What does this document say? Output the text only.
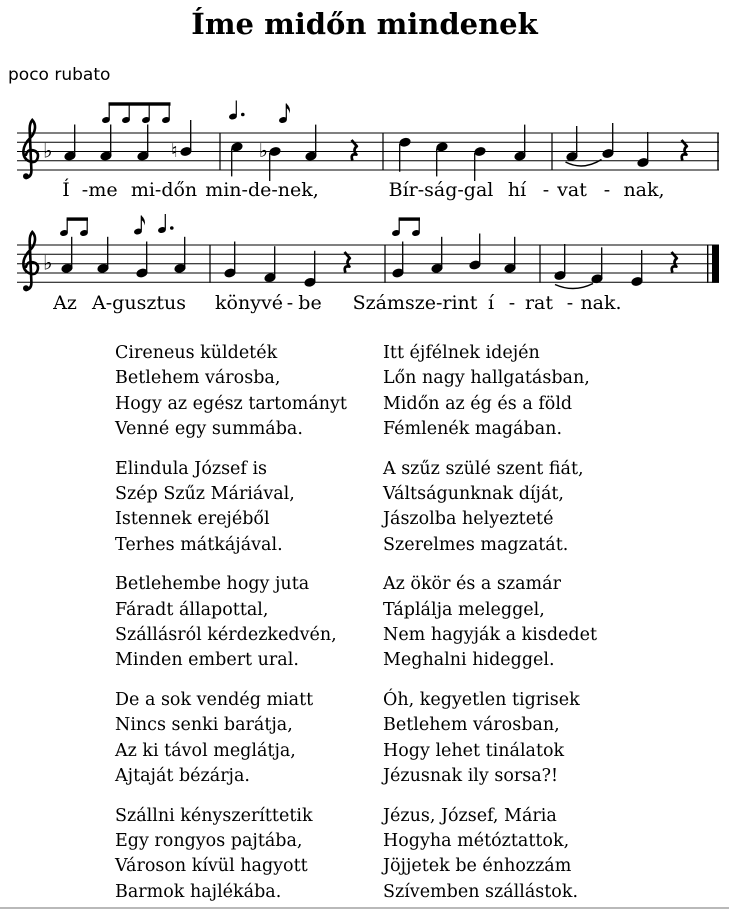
Íme midőn mindenek
poco rubato
♭	♮	♭
Í - me mi-dőn min-de-nek,	Bír-ság-gal hí - vat - nak,
♭
Az A-gusztus könyvé - be Számsze-rint í - rat - nak.
Cireneus küldeték
Betlehem városba,
Hogy az egész tartományt
Venné egy summába.
Itt éjfélnek idején
Lőn nagy hallgatásban,
Midőn az ég és a föld
Fémlenék magában.
Elindula József is
Szép Szűz Máriával,
Istennek erejéből
Terhes mátkájával.
A szűz szülé szent fiát,
Váltságunknak díját,
Jászolba helyezteté
Szerelmes magzatát.
Betlehembe hogy juta
Fáradt állapottal,
Szállásról kérdezkedvén,
Minden embert ural.
Az ökör és a szamár
Táplálja meleggel,
Nem hagyják a kisdedet
Meghalni hideggel.
De a sok vendég miatt
Nincs senki barátja,
Az ki távol meglátja,
Ajtaját bézárja.
Óh, kegyetlen tigrisek
Betlehem városban,
Hogy lehet tinálatok
Jézusnak ily sorsa?!
Szállni kényszeríttetik
Egy rongyos pajtába,
Városon kívül hagyott
Barmok hajlékába.
Jézus, József, Mária
Hogyha métóztattok,
Jöjjetek be énhozzám
Szívemben szállástok.
